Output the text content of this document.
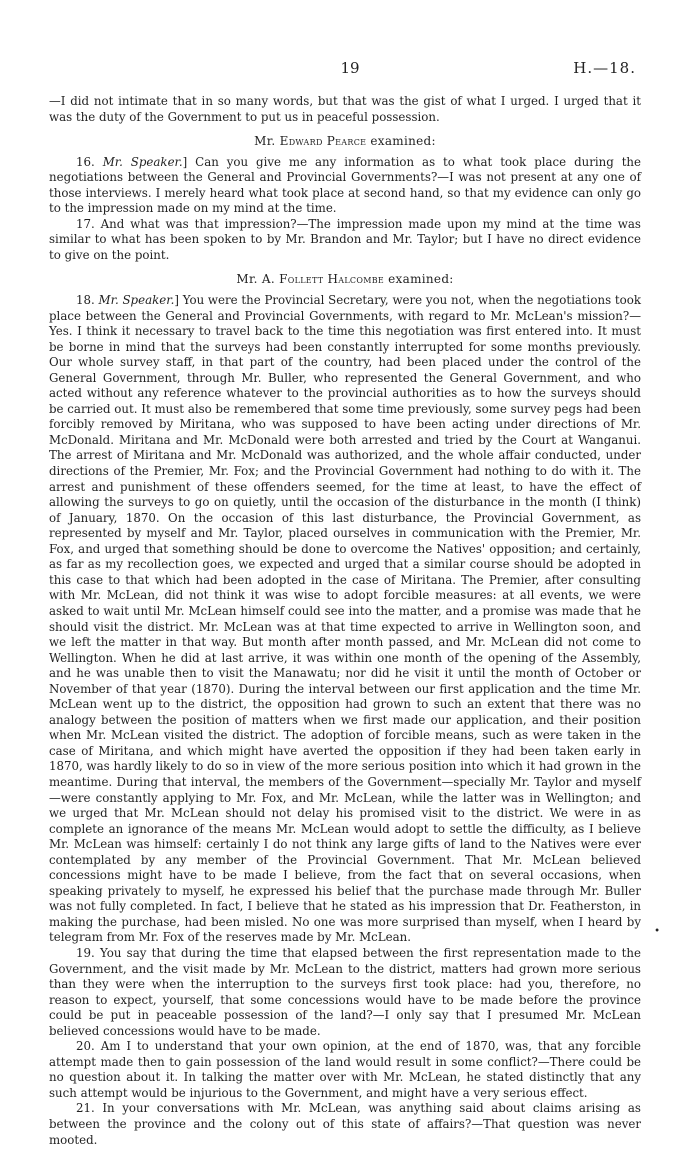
19	H.—18.

—I did not intimate that in so many words, but that was the gist of what I urged. I urged that it was the duty of the Government to put us in peaceful possession.

Mr. Edward Pearce examined:

16. Mr. Speaker.] Can you give me any information as to what took place during the negotiations between the General and Provincial Governments?—I was not present at any one of those interviews. I merely heard what took place at second hand, so that my evidence can only go to the impression made on my mind at the time.

17. And what was that impression?—The impression made upon my mind at the time was similar to what has been spoken to by Mr. Brandon and Mr. Taylor; but I have no direct evidence to give on the point.

Mr. A. Follett Halcombe examined:

18. Mr. Speaker.] You were the Provincial Secretary, were you not, when the negotiations took place between the General and Provincial Governments, with regard to Mr. McLean's mission?—Yes. I think it necessary to travel back to the time this negotiation was first entered into. It must be borne in mind that the surveys had been constantly interrupted for some months previously. Our whole survey staff, in that part of the country, had been placed under the control of the General Government, through Mr. Buller, who represented the General Government, and who acted without any reference whatever to the provincial authorities as to how the surveys should be carried out. It must also be remembered that some time previously, some survey pegs had been forcibly removed by Miritana, who was supposed to have been acting under directions of Mr. McDonald. Miritana and Mr. McDonald were both arrested and tried by the Court at Wanganui. The arrest of Miritana and Mr. McDonald was authorized, and the whole affair conducted, under directions of the Premier, Mr. Fox; and the Provincial Government had nothing to do with it. The arrest and punishment of these offenders seemed, for the time at least, to have the effect of allowing the surveys to go on quietly, until the occasion of the disturbance in the month (I think) of January, 1870. On the occasion of this last disturbance, the Provincial Government, as represented by myself and Mr. Taylor, placed ourselves in communication with the Premier, Mr. Fox, and urged that something should be done to overcome the Natives' opposition; and certainly, as far as my recollection goes, we expected and urged that a similar course should be adopted in this case to that which had been adopted in the case of Miritana. The Premier, after consulting with Mr. McLean, did not think it was wise to adopt forcible measures: at all events, we were asked to wait until Mr. McLean himself could see into the matter, and a promise was made that he should visit the district. Mr. McLean was at that time expected to arrive in Wellington soon, and we left the matter in that way. But month after month passed, and Mr. McLean did not come to Wellington. When he did at last arrive, it was within one month of the opening of the Assembly, and he was unable then to visit the Manawatu; nor did he visit it until the month of October or November of that year (1870). During the interval between our first application and the time Mr. McLean went up to the district, the opposition had grown to such an extent that there was no analogy between the position of matters when we first made our application, and their position when Mr. McLean visited the district. The adoption of forcible means, such as were taken in the case of Miritana, and which might have averted the opposition if they had been taken early in 1870, was hardly likely to do so in view of the more serious position into which it had grown in the meantime. During that interval, the members of the Government—specially Mr. Taylor and myself—were constantly applying to Mr. Fox, and Mr. McLean, while the latter was in Wellington; and we urged that Mr. McLean should not delay his promised visit to the district. We were in as complete an ignorance of the means Mr. McLean would adopt to settle the difficulty, as I believe Mr. McLean was himself: certainly I do not think any large gifts of land to the Natives were ever contemplated by any member of the Provincial Government. That Mr. McLean believed concessions might have to be made I believe, from the fact that on several occasions, when speaking privately to myself, he expressed his belief that the purchase made through Mr. Buller was not fully completed. In fact, I believe that he stated as his impression that Dr. Featherston, in making the purchase, had been misled. No one was more surprised than myself, when I heard by telegram from Mr. Fox of the reserves made by Mr. McLean.

19. You say that during the time that elapsed between the first representation made to the Government, and the visit made by Mr. McLean to the district, matters had grown more serious than they were when the interruption to the surveys first took place: had you, therefore, no reason to expect, yourself, that some concessions would have to be made before the province could be put in peaceable possession of the land?—I only say that I presumed Mr. McLean believed concessions would have to be made.

20. Am I to understand that your own opinion, at the end of 1870, was, that any forcible attempt made then to gain possession of the land would result in some conflict?—There could be no question about it. In talking the matter over with Mr. McLean, he stated distinctly that any such attempt would be injurious to the Government, and might have a very serious effect.

21. In your conversations with Mr. McLean, was anything said about claims arising as between the province and the colony out of this state of affairs?—That question was never mooted.

•
